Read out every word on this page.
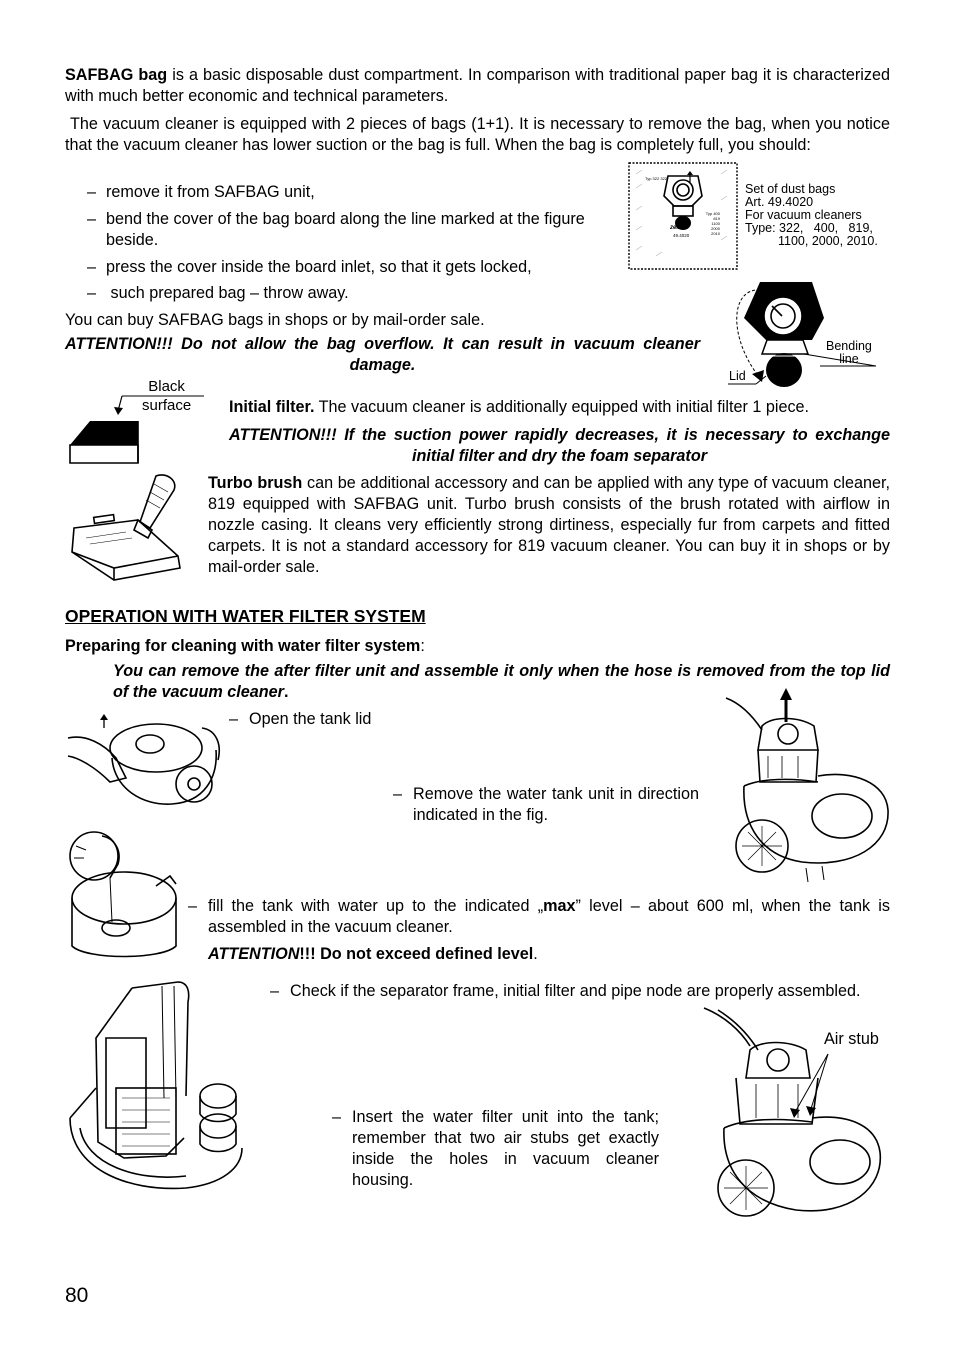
SAFBAG bag is a basic disposable dust compartment. In comparison with traditional paper bag it is characterized with much better economic and technical parameters.
The vacuum cleaner is equipped with 2 pieces of bags (1+1). It is necessary to remove the bag, when you notice that the vacuum cleaner has lower suction or the bag is full. When the bag is completely full, you should:
– remove it from SAFBAG unit,
– bend the cover of the bag board along the line marked at the figure beside.
– press the cover inside the board inlet, so that it gets locked,
– such prepared bag – throw away.
You can buy SAFBAG bags in shops or by mail-order sale.
ATTENTION!!! Do not allow the bag overflow. It can result in vacuum cleaner damage.
Typ 322 322
Typ 400
819
1100
2000
2010
zelmer
49.4020
Set of dust bags
Art. 49.4020
For vacuum cleaners
Type: 322,   400,   819,
1100, 2000, 2010.
Bending
line
Lid
Black
surface Initial filter. The vacuum cleaner is additionally equipped with initial filter 1 piece.
ATTENTION!!! If the suction power rapidly decreases, it is necessary to exchange initial filter and dry the foam separator
Turbo brush can be additional accessory and can be applied with any type of vacuum cleaner, 819 equipped with SAFBAG unit. Turbo brush consists of the brush rotated with airflow in nozzle casing. It cleans very efficiently strong dirtiness, especially fur from carpets and fitted carpets. It is not a standard accessory for 819 vacuum cleaner. You can buy it in shops or by mail-order sale.
OPERATION WITH WATER FILTER SYSTEM
Preparing for cleaning with water filter system:
You can remove the after filter unit and assemble it only when the hose is removed from the top lid of the vacuum cleaner.
– Open the tank lid
– Remove the water tank unit in direction indicated in the fig.
– fill the tank with water up to the indicated „max” level – about 600 ml, when the tank is assembled in the vacuum cleaner.
ATTENTION!!! Do not exceed defined level.
– Check if the separator frame, initial filter and pipe node are properly assembled.
– Insert the water filter unit into the tank; remember that two air stubs get exactly inside the holes in vacuum cleaner housing.
Air stub
80
